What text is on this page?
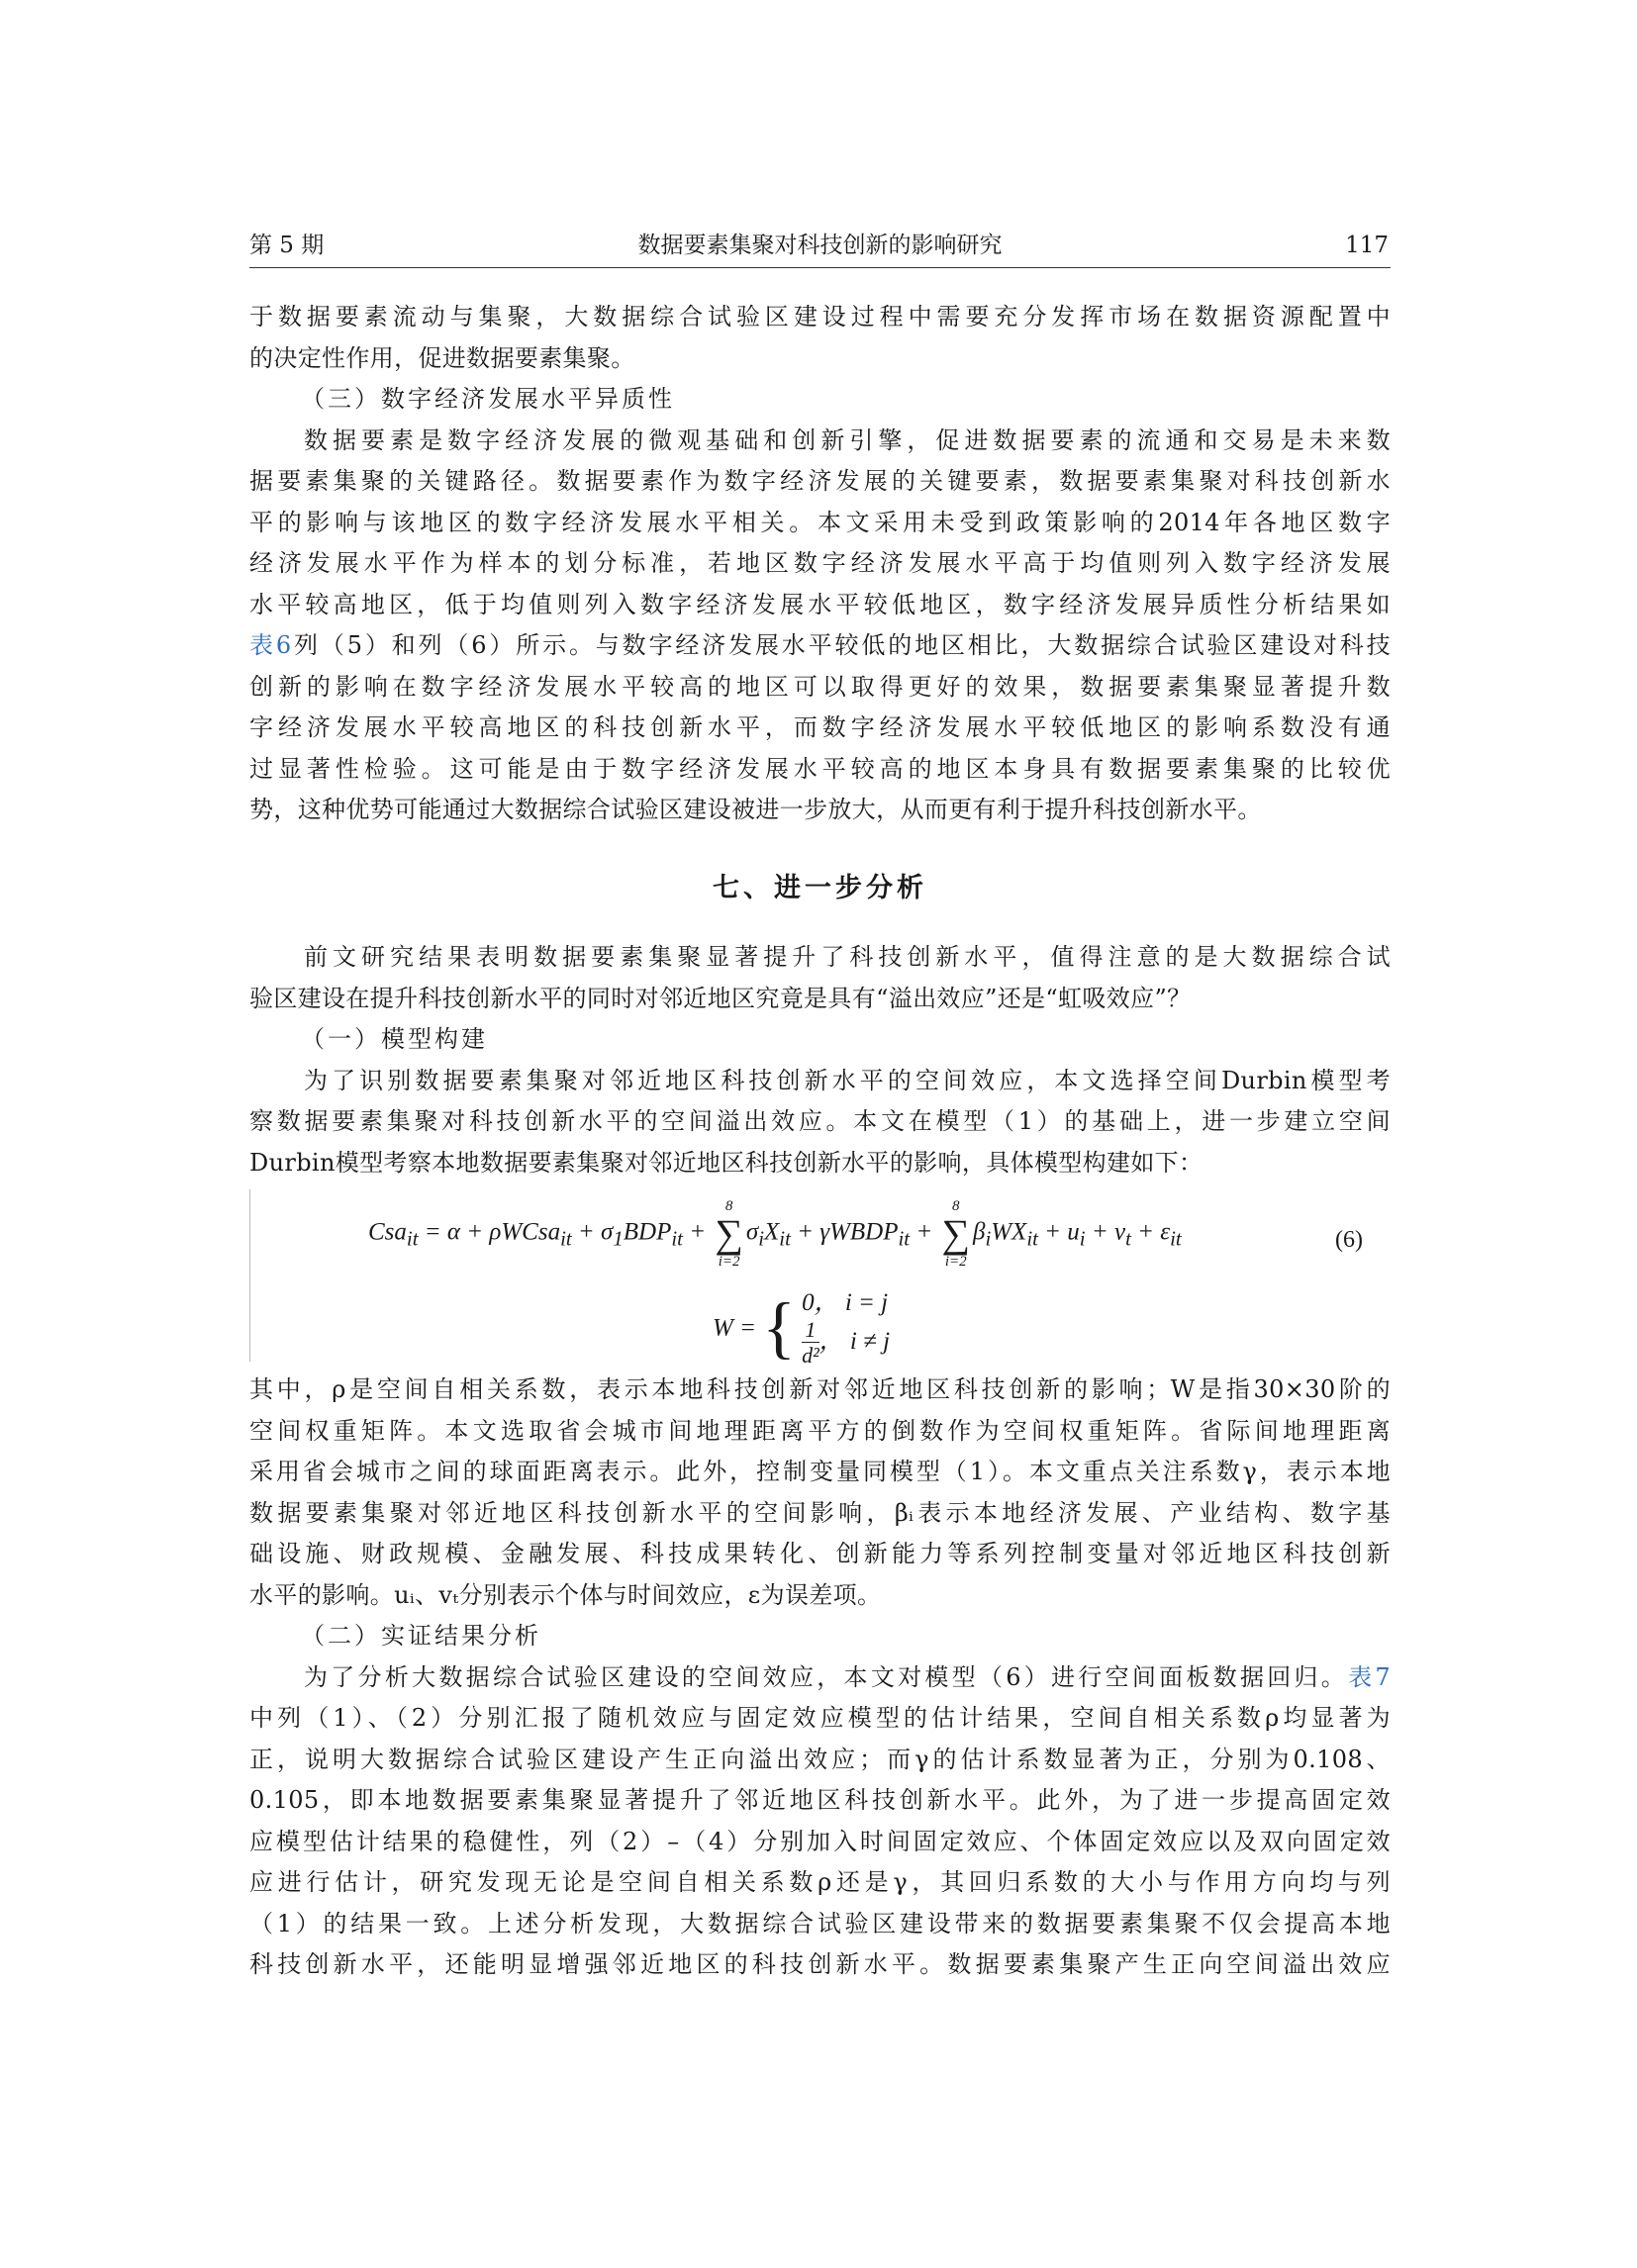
第 5 期	数据要素集聚对科技创新的影响研究	117

于数据要素流动与集聚，大数据综合试验区建设过程中需要充分发挥市场在数据资源配置中

的决定性作用，促进数据要素集聚。

（三）数字经济发展水平异质性

数据要素是数字经济发展的微观基础和创新引擎，促进数据要素的流通和交易是未来数

据要素集聚的关键路径。数据要素作为数字经济发展的关键要素，数据要素集聚对科技创新水

平的影响与该地区的数字经济发展水平相关。本文采用未受到政策影响的2014年各地区数字

经济发展水平作为样本的划分标准，若地区数字经济发展水平高于均值则列入数字经济发展

水平较高地区，低于均值则列入数字经济发展水平较低地区，数字经济发展异质性分析结果如

表6列（5）和列（6）所示。与数字经济发展水平较低的地区相比，大数据综合试验区建设对科技

创新的影响在数字经济发展水平较高的地区可以取得更好的效果，数据要素集聚显著提升数

字经济发展水平较高地区的科技创新水平，而数字经济发展水平较低地区的影响系数没有通

过显著性检验。这可能是由于数字经济发展水平较高的地区本身具有数据要素集聚的比较优

势，这种优势可能通过大数据综合试验区建设被进一步放大，从而更有利于提升科技创新水平。

七、进一步分析

前文研究结果表明数据要素集聚显著提升了科技创新水平，值得注意的是大数据综合试

验区建设在提升科技创新水平的同时对邻近地区究竟是具有“溢出效应”还是“虹吸效应”？

（一）模型构建

为了识别数据要素集聚对邻近地区科技创新水平的空间效应，本文选择空间Durbin模型考

察数据要素集聚对科技创新水平的空间溢出效应。本文在模型（1）的基础上，进一步建立空间

Durbin模型考察本地数据要素集聚对邻近地区科技创新水平的影响，具体模型构建如下：

Csa$_{it}$ = α + ρWCsa$_{it}$ + $\sigma_1BDP_{it}$ +
8
∑
i=2
$\sigma_iX_{it}$ + γWBDP$_{it}$ +
8
∑
i=2
$\beta_iWX_{it} + u_i + v_t + \varepsilon_{it}$	(6)
W = { 0， i = j
$\frac{1}{\text{d²}}$ ， i ≠ j

其中，ρ是空间自相关系数，表示本地科技创新对邻近地区科技创新的影响；W是指30×30阶的

空间权重矩阵。本文选取省会城市间地理距离平方的倒数作为空间权重矩阵。省际间地理距离

采用省会城市之间的球面距离表示。此外，控制变量同模型（1）。本文重点关注系数γ，表示本地

数据要素集聚对邻近地区科技创新水平的空间影响，βᵢ表示本地经济发展、产业结构、数字基

础设施、财政规模、金融发展、科技成果转化、创新能力等系列控制变量对邻近地区科技创新

水平的影响。uᵢ、vₜ分别表示个体与时间效应，ε为误差项。

（二）实证结果分析

为了分析大数据综合试验区建设的空间效应，本文对模型（6）进行空间面板数据回归。表7

中列（1）、（2）分别汇报了随机效应与固定效应模型的估计结果，空间自相关系数ρ均显著为

正，说明大数据综合试验区建设产生正向溢出效应；而γ的估计系数显著为正，分别为0.108、

0.105，即本地数据要素集聚显著提升了邻近地区科技创新水平。此外，为了进一步提高固定效

应模型估计结果的稳健性，列（2）–（4）分别加入时间固定效应、个体固定效应以及双向固定效

应进行估计，研究发现无论是空间自相关系数ρ还是γ，其回归系数的大小与作用方向均与列

（1）的结果一致。上述分析发现，大数据综合试验区建设带来的数据要素集聚不仅会提高本地

科技创新水平，还能明显增强邻近地区的科技创新水平。数据要素集聚产生正向空间溢出效应
